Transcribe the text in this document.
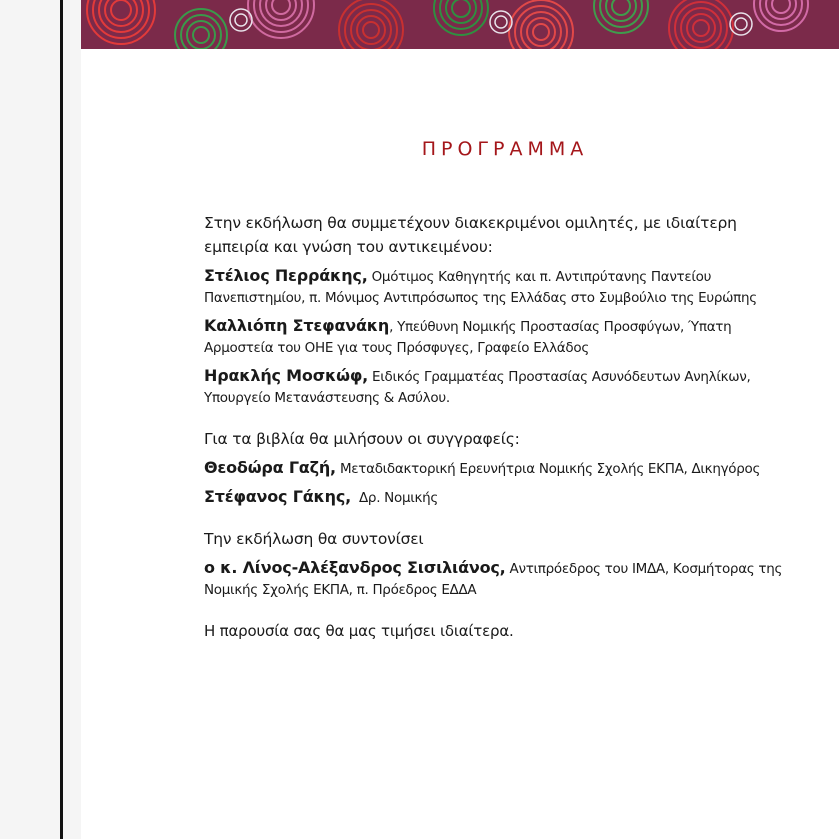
ΠΡΟΓΡΑΜΜΑ

Στην εκδήλωση θα συμμετέχουν διακεκριμένοι ομιλητές, με ιδιαίτερη εμπειρία και γνώση του αντικειμένου:

Στέλιος Περράκης, Ομότιμος Καθηγητής και π. Αντιπρύτανης Παντείου Πανεπιστημίου, π. Μόνιμος Αντιπρόσωπος της Ελλάδας στο Συμβούλιο της Ευρώπης

Καλλιόπη Στεφανάκη, Υπεύθυνη Νομικής Προστασίας Προσφύγων, Ύπατη Αρμοστεία του ΟΗΕ για τους Πρόσφυγες, Γραφείο Ελλάδος

Ηρακλής Μοσκώφ, Ειδικός Γραμματέας Προστασίας Ασυνόδευτων Ανηλίκων, Υπουργείο Μετανάστευσης & Ασύλου.

Για τα βιβλία θα μιλήσουν οι συγγραφείς:

Θεοδώρα Γαζή, Μεταδιδακτορική Ερευνήτρια Νομικής Σχολής ΕΚΠΑ, Δικηγόρος

Στέφανος Γάκης, Δρ. Νομικής

Την εκδήλωση θα συντονίσει

ο κ. Λίνος-Αλέξανδρος Σισιλιάνος, Αντιπρόεδρος του ΙΜΔΑ, Κοσμήτορας της Νομικής Σχολής ΕΚΠΑ, π. Πρόεδρος ΕΔΔΑ

Η παρουσία σας θα μας τιμήσει ιδιαίτερα.
